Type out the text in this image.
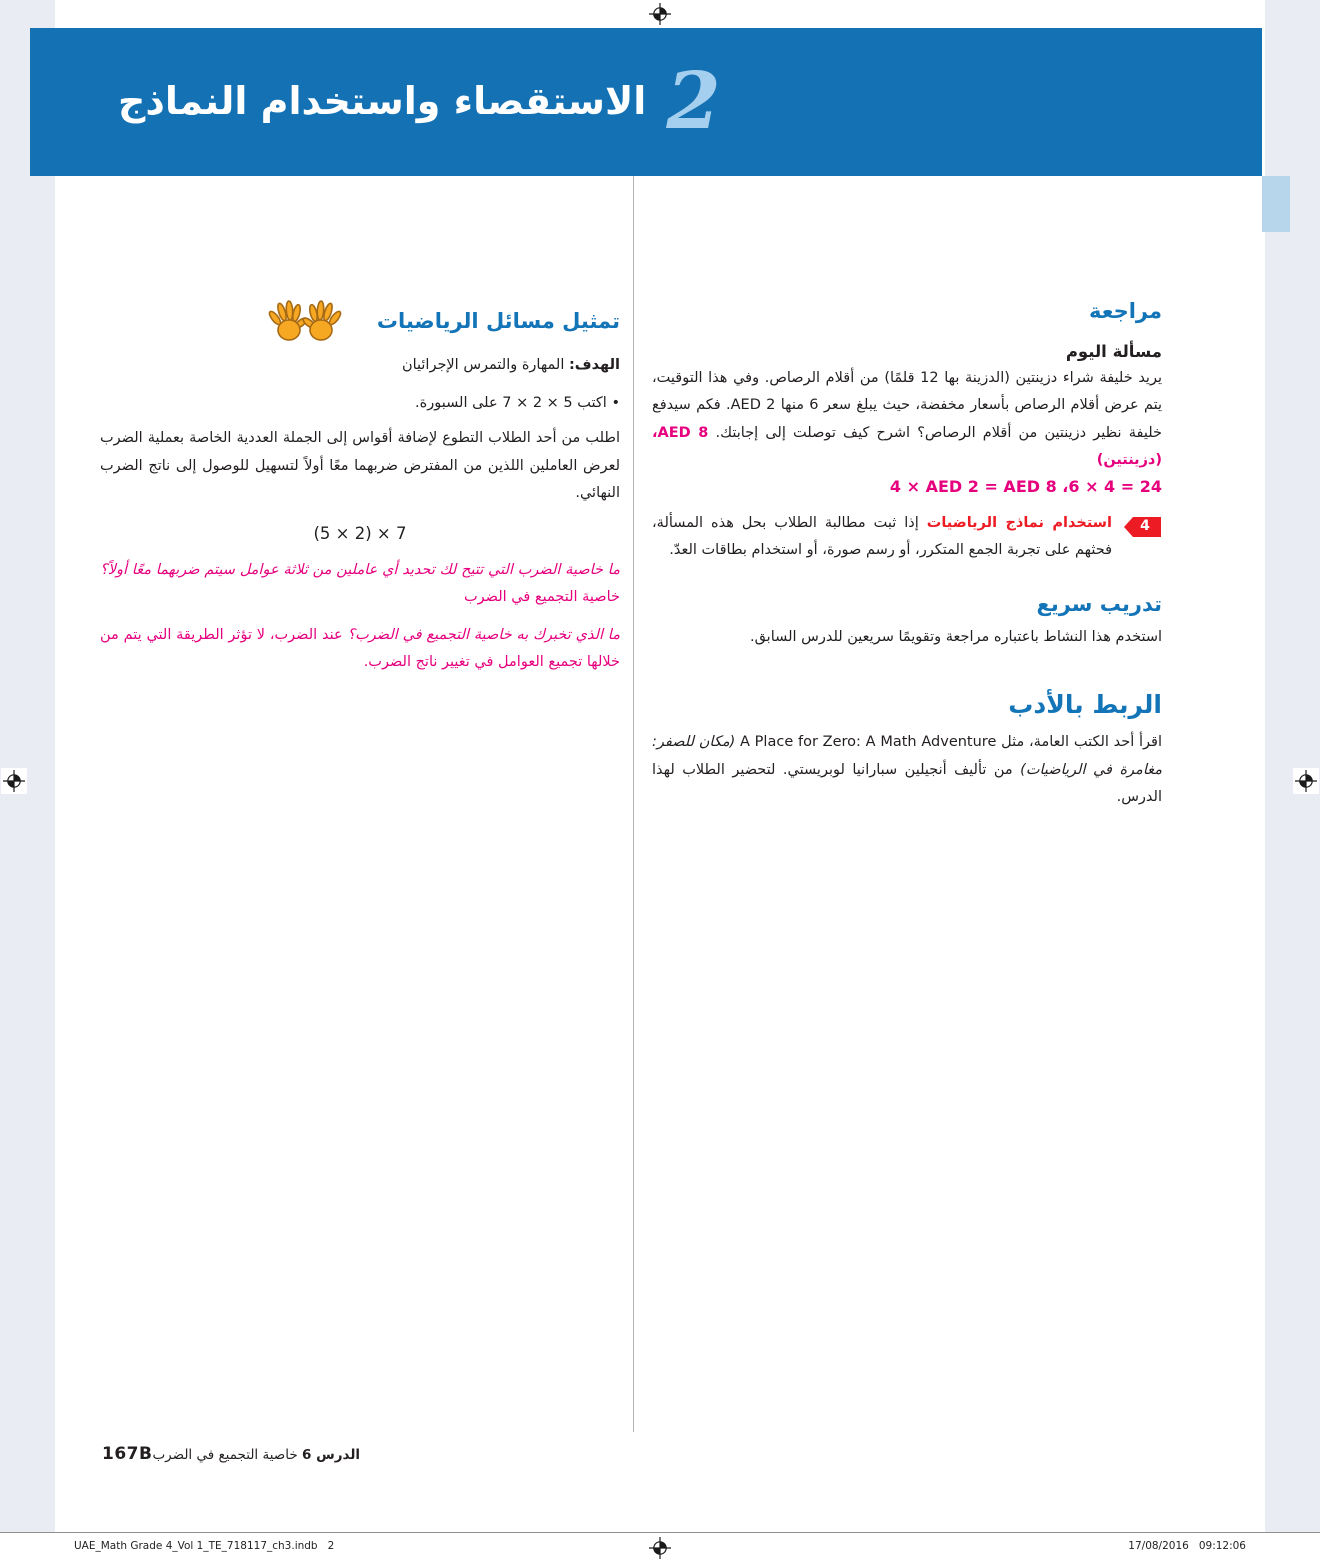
2
الاستقصاء واستخدام النماذج
مراجعة
مسألة اليوم

يريد خليفة شراء دزينتين (الدزينة بها 12 قلمًا) من أقلام الرصاص. وفي هذا التوقيت، يتم عرض أقلام الرصاص بأسعار مخفضة، حيث يبلغ سعر 6 منها AED 2. فكم سيدفع خليفة نظير دزينتين من أقلام الرصاص؟ اشرح كيف توصلت إلى إجابتك. AED 8، (دزينتين)

4 × AED 2 = AED 8 ،6 × 4 = 24

4
استخدام نماذج الرياضيات إذا ثبت مطالبة الطلاب بحل هذه المسألة، فحثهم على تجربة الجمع المتكرر، أو رسم صورة، أو استخدام بطاقات العدّ.

تدريب سريع

استخدم هذا النشاط باعتباره مراجعة وتقويمًا سريعين للدرس السابق.

الربط بالأدب

اقرأ أحد الكتب العامة، مثل A Place for Zero: A Math Adventure (مكان للصفر: مغامرة في الرياضيات) من تأليف أنجيلين سبارانيا لوبريستي. لتحضير الطلاب لهذا الدرس.

تمثيل مسائل الرياضيات

الهدف: المهارة والتمرس الإجرائيان

• اكتب 7 × 2 × 5 على السبورة.

اطلب من أحد الطلاب التطوع لإضافة أقواس إلى الجملة العددية الخاصة بعملية الضرب لعرض العاملين اللذين من المفترض ضربهما معًا أولاً لتسهيل للوصول إلى ناتج الضرب النهائي.

(5 × 2) × 7

ما خاصية الضرب التي تتيح لك تحديد أي عاملين من ثلاثة عوامل سيتم ضربهما معًا أولاً؟ خاصية التجميع في الضرب

ما الذي تخبرك به خاصية التجميع في الضرب؟ عند الضرب، لا تؤثر الطريقة التي يتم من خلالها تجميع العوامل في تغيير ناتج الضرب.

167B	الدرس 6 خاصية التجميع في الضرب
UAE_Math Grade 4_Vol 1_TE_718117_ch3.indb   2	17/08/2016   09:12:06
